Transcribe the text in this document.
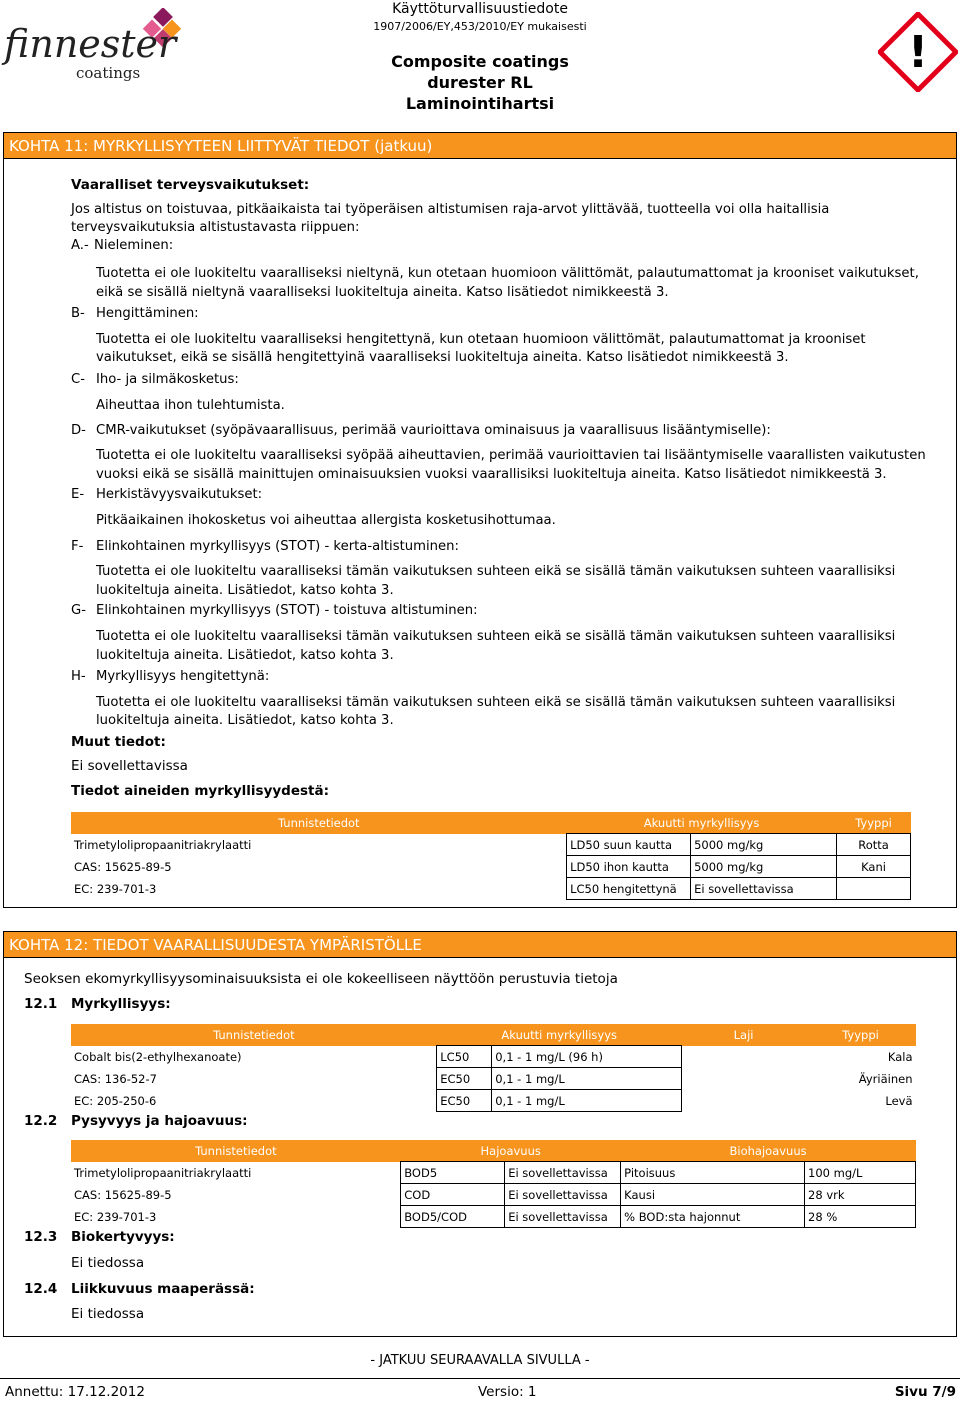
finnester
coatings
Käyttöturvallisuustiedote
1907/2006/EY,453/2010/EY mukaisesti
Composite coatings
durester RL
Laminointihartsi
!
KOHTA 11: MYRKYLLISYYTEEN LIITTYVÄT TIEDOT (jatkuu)
Vaaralliset terveysvaikutukset:
Jos altistus on toistuvaa, pitkäaikaista tai työperäisen altistumisen raja-arvot ylittävää, tuotteella voi olla haitallisia
terveysvaikutuksia altistustavasta riippuen:
A.- Nieleminen:
Tuotetta ei ole luokiteltu vaaralliseksi nieltynä, kun otetaan huomioon välittömät, palautumattomat ja krooniset vaikutukset,
eikä se sisällä nieltynä vaaralliseksi luokiteltuja aineita. Katso lisätiedot nimikkeestä 3.
B- Hengittäminen:
Tuotetta ei ole luokiteltu vaaralliseksi hengitettynä, kun otetaan huomioon välittömät, palautumattomat ja krooniset
vaikutukset, eikä se sisällä hengitettyinä vaaralliseksi luokiteltuja aineita. Katso lisätiedot nimikkeestä 3.
C- Iho- ja silmäkosketus:
Aiheuttaa ihon tulehtumista.
D- CMR-vaikutukset (syöpävaarallisuus, perimää vaurioittava ominaisuus ja vaarallisuus lisääntymiselle):
Tuotetta ei ole luokiteltu vaaralliseksi syöpää aiheuttavien, perimää vaurioittavien tai lisääntymiselle vaarallisten vaikutusten
vuoksi eikä se sisällä mainittujen ominaisuuksien vuoksi vaarallisiksi luokiteltuja aineita. Katso lisätiedot nimikkeestä 3.
E- Herkistävyysvaikutukset:
Pitkäaikainen ihokosketus voi aiheuttaa allergista kosketusihottumaa.
F- Elinkohtainen myrkyllisyys (STOT) - kerta-altistuminen:
Tuotetta ei ole luokiteltu vaaralliseksi tämän vaikutuksen suhteen eikä se sisällä tämän vaikutuksen suhteen vaarallisiksi
luokiteltuja aineita. Lisätiedot, katso kohta 3.
G- Elinkohtainen myrkyllisyys (STOT) - toistuva altistuminen:
Tuotetta ei ole luokiteltu vaaralliseksi tämän vaikutuksen suhteen eikä se sisällä tämän vaikutuksen suhteen vaarallisiksi
luokiteltuja aineita. Lisätiedot, katso kohta 3.
H- Myrkyllisyys hengitettynä:
Tuotetta ei ole luokiteltu vaaralliseksi tämän vaikutuksen suhteen eikä se sisällä tämän vaikutuksen suhteen vaarallisiksi
luokiteltuja aineita. Lisätiedot, katso kohta 3.
Muut tiedot:
Ei sovellettavissa
Tiedot aineiden myrkyllisyydestä:
Tunnistetiedot	Akuutti myrkyllisyys		Tyyppi
Trimetylolipropaanitriakrylaatti	LD50 suun kautta	5000 mg/kg	Rotta
CAS: 15625-89-5	LD50 ihon kautta	5000 mg/kg	Kani
EC: 239-701-3	LC50 hengitettynä	Ei sovellettavissa	
KOHTA 12: TIEDOT VAARALLISUUDESTA YMPÄRISTÖLLE
Seoksen ekomyrkyllisyysominaisuuksista ei ole kokeelliseen näyttöön perustuvia tietoja
12.1 Myrkyllisyys:
Tunnistetiedot	Akuutti myrkyllisyys		Laji	Tyyppi
Cobalt bis(2-ethylhexanoate)	LC50	0,1 - 1 mg/L (96 h)		Kala
CAS: 136-52-7	EC50	0,1 - 1 mg/L		Äyriäinen
EC: 205-250-6	EC50	0,1 - 1 mg/L		Levä
12.2 Pysyvyys ja hajoavuus:
Tunnistetiedot	Hajoavuus		Biohajoavuus	
Trimetylolipropaanitriakrylaatti	BOD5	Ei sovellettavissa	Pitoisuus	100 mg/L
CAS: 15625-89-5	COD	Ei sovellettavissa	Kausi	28 vrk
EC: 239-701-3	BOD5/COD	Ei sovellettavissa	% BOD:sta hajonnut	28 %
12.3 Biokertyvyys:
Ei tiedossa
12.4 Liikkuvuus maaperässä:
Ei tiedossa
- JATKUU SEURAAVALLA SIVULLA -
Annettu: 17.12.2012	Versio: 1	Sivu 7/9
